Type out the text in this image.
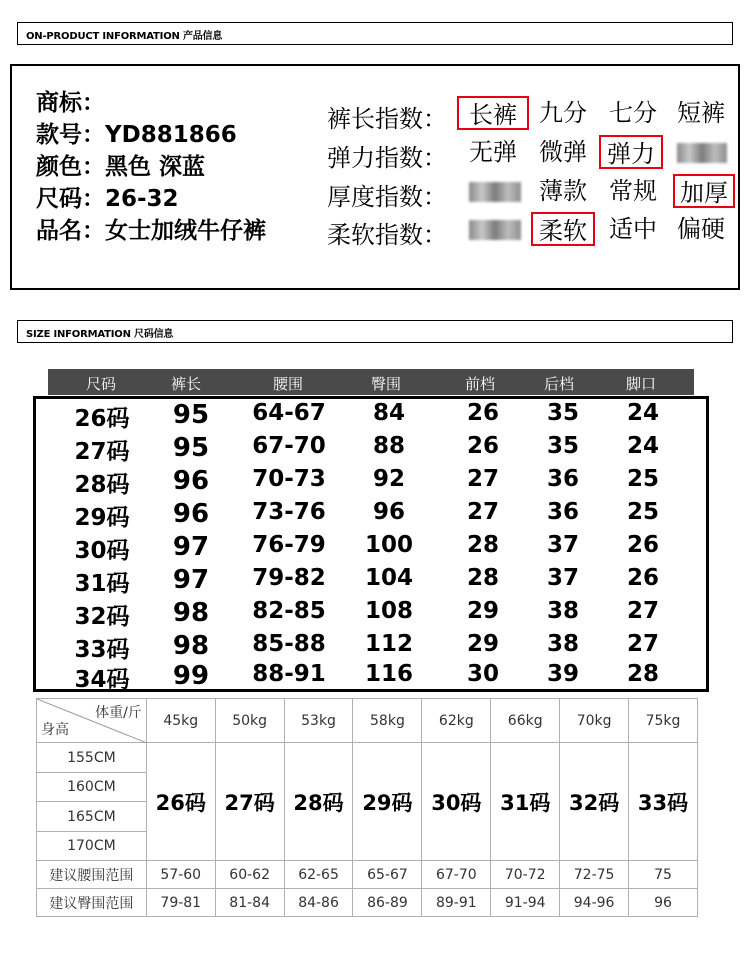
ON-PRODUCT INFORMATION 产品信息
商标：
款号：YD881866
颜色：黑色 深蓝
尺码：26-32
品名：女士加绒牛仔裤
裤长指数： 长裤 九分 七分 短裤
弹力指数： 无弹 微弹 弹力
厚度指数：	薄款 常规 加厚
柔软指数：	柔软 适中 偏硬
SIZE INFORMATION 尺码信息
尺码	裤长	腰围	臀围	前档	后档	脚口
26码	95	64-67	84	26	35	24
27码	95	67-70	88	26	35	24
28码	96	70-73	92	27	36	25
29码	96	73-76	96	27	36	25
30码	97	76-79	100	28	37	26
31码	97	79-82	104	28	37	26
32码	98	82-85	108	29	38	27
33码	98	85-88	112	29	38	27
34码	99	88-91	116	30	39	28
体重/斤
身高	45kg	50kg	53kg	58kg	62kg	66kg	70kg	75kg
155CM	26码	27码	28码	29码	30码	31码	32码	33码
160CM								
165CM								
170CM								
建议腰围范围	57-60	60-62	62-65	65-67	67-70	70-72	72-75	75
建议臀围范围	79-81	81-84	84-86	86-89	89-91	91-94	94-96	96
